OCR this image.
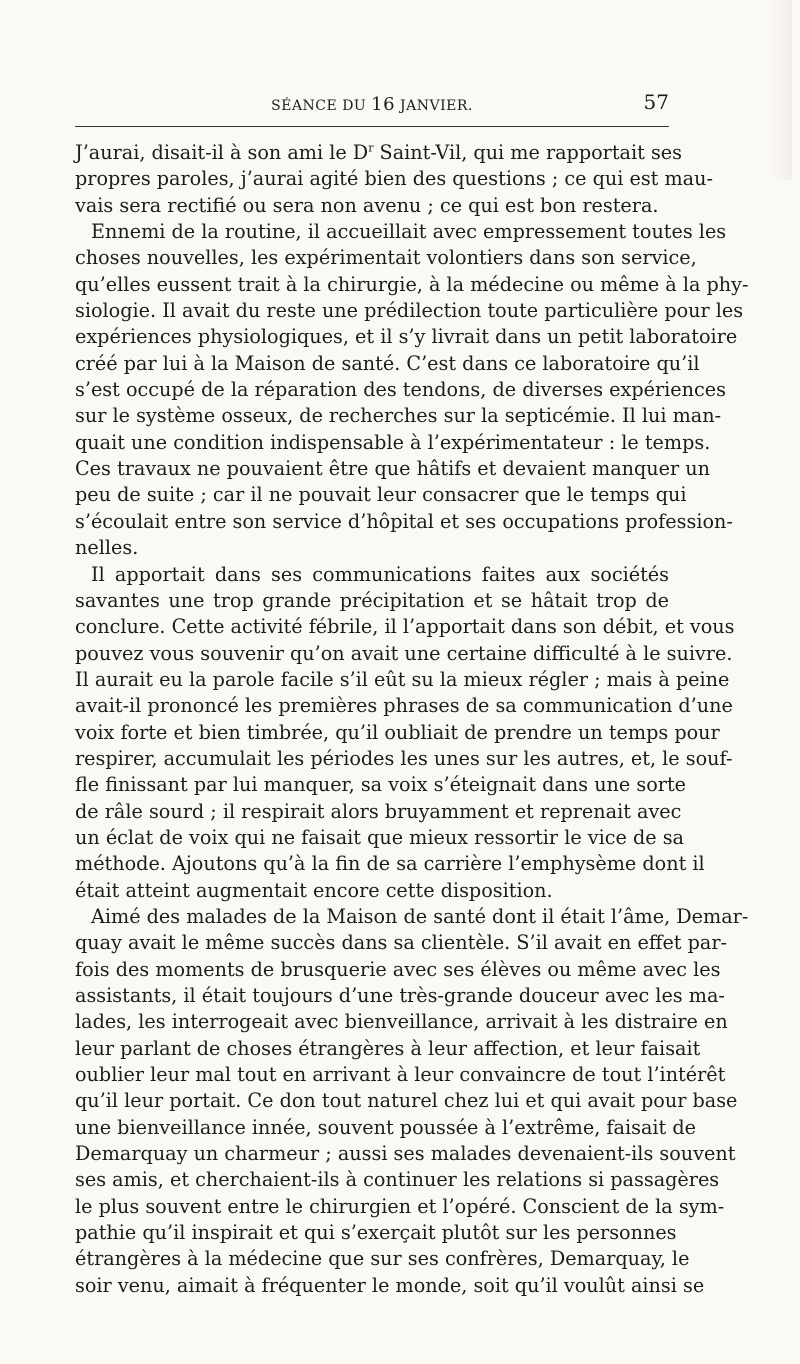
SÉANCE DU 16 JANVIER.	57
J’aurai, disait-il à son ami le $D^r$ Saint-Vil, qui me rapportait ses
propres paroles, j’aurai agité bien des questions ; ce qui est mau-
vais sera rectifié ou sera non avenu ; ce qui est bon restera.
Ennemi de la routine, il accueillait avec empressement toutes les
choses nouvelles, les expérimentait volontiers dans son service,
qu’elles eussent trait à la chirurgie, à la médecine ou même à la phy-
siologie. Il avait du reste une prédilection toute particulière pour les
expériences physiologiques, et il s’y livrait dans un petit laboratoire
créé par lui à la Maison de santé. C’est dans ce laboratoire qu’il
s’est occupé de la réparation des tendons, de diverses expériences
sur le système osseux, de recherches sur la septicémie. Il lui man-
quait une condition indispensable à l’expérimentateur : le temps.
Ces travaux ne pouvaient être que hâtifs et devaient manquer un
peu de suite ; car il ne pouvait leur consacrer que le temps qui
s’écoulait entre son service d’hôpital et ses occupations profession-
nelles.
Il apportait dans ses communications faites aux sociétés
savantes une trop grande précipitation et se hâtait trop de
conclure. Cette activité fébrile, il l’apportait dans son débit, et vous
pouvez vous souvenir qu’on avait une certaine difficulté à le suivre.
Il aurait eu la parole facile s’il eût su la mieux régler ; mais à peine
avait-il prononcé les premières phrases de sa communication d’une
voix forte et bien timbrée, qu’il oubliait de prendre un temps pour
respirer, accumulait les périodes les unes sur les autres, et, le souf-
fle finissant par lui manquer, sa voix s’éteignait dans une sorte
de râle sourd ; il respirait alors bruyamment et reprenait avec
un éclat de voix qui ne faisait que mieux ressortir le vice de sa
méthode. Ajoutons qu’à la fin de sa carrière l’emphysème dont il
était atteint augmentait encore cette disposition.
Aimé des malades de la Maison de santé dont il était l’âme, Demar-
quay avait le même succès dans sa clientèle. S’il avait en effet par-
fois des moments de brusquerie avec ses élèves ou même avec les
assistants, il était toujours d’une très-grande douceur avec les ma-
lades, les interrogeait avec bienveillance, arrivait à les distraire en
leur parlant de choses étrangères à leur affection, et leur faisait
oublier leur mal tout en arrivant à leur convaincre de tout l’intérêt
qu’il leur portait. Ce don tout naturel chez lui et qui avait pour base
une bienveillance innée, souvent poussée à l’extrême, faisait de
Demarquay un charmeur ; aussi ses malades devenaient-ils souvent
ses amis, et cherchaient-ils à continuer les relations si passagères
le plus souvent entre le chirurgien et l’opéré. Conscient de la sym-
pathie qu’il inspirait et qui s’exerçait plutôt sur les personnes
étrangères à la médecine que sur ses confrères, Demarquay, le
soir venu, aimait à fréquenter le monde, soit qu’il voulût ainsi se
